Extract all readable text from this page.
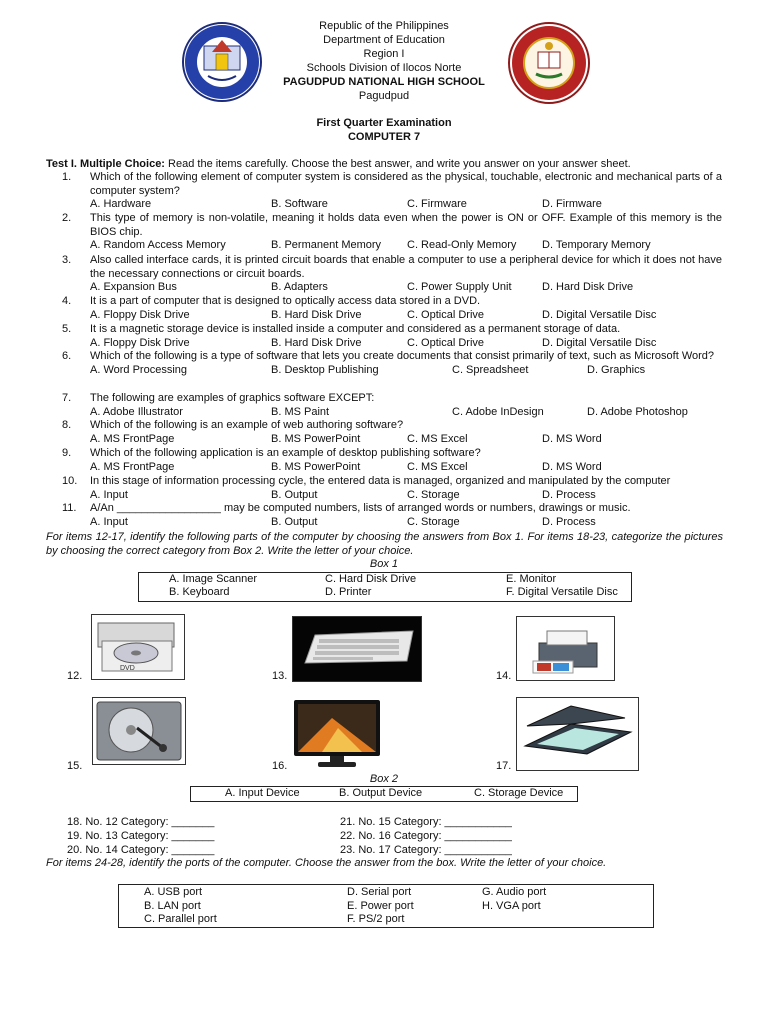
Republic of the Philippines
Department of Education
Region I
Schools Division of Ilocos Norte
PAGUDPUD NATIONAL HIGH SCHOOL
Pagudpud
First Quarter Examination
COMPUTER 7
Test I. Multiple Choice: Read the items carefully. Choose the best answer, and write you answer on your answer sheet.
1.	Which of the following element of computer system is considered as the physical, touchable, electronic and mechanical parts of a computer system?
A. Hardware	B. Software	C. Firmware	D. Firmware
2.	This type of memory is non-volatile, meaning it holds data even when the power is ON or OFF. Example of this memory is the BIOS chip.
A. Random Access Memory	B. Permanent Memory C. Read-Only Memory D. Temporary Memory
3.	Also called interface cards, it is printed circuit boards that enable a computer to use a peripheral device for which it does not have the necessary connections or circuit boards.
A. Expansion Bus	B. Adapters	C. Power Supply Unit	D. Hard Disk Drive
4.	It is a part of computer that is designed to optically access data stored in a DVD.
A. Floppy Disk Drive	B. Hard Disk Drive	C. Optical Drive	D. Digital Versatile Disc
5.	It is a magnetic storage device is installed inside a computer and considered as a permanent storage of data.
A. Floppy Disk Drive	B. Hard Disk Drive	C. Optical Drive	D. Digital Versatile Disc
6.	Which of the following is a type of software that lets you create documents that consist primarily of text, such as Microsoft Word?
A. Word Processing	B. Desktop Publishing	C. Spreadsheet	D. Graphics
7.	The following are examples of graphics software EXCEPT:
A. Adobe Illustrator	B. MS Paint	C. Adobe InDesign	D. Adobe Photoshop
8.	Which of the following is an example of web authoring software?
A. MS FrontPage	B. MS PowerPoint	C. MS Excel	D. MS Word
9.	Which of the following application is an example of desktop publishing software?
A. MS FrontPage	B. MS PowerPoint	C. MS Excel	D. MS Word
10.	In this stage of information processing cycle, the entered data is managed, organized and manipulated by the computer
A. Input	B. Output	C. Storage	D. Process
11.	A/An _________________ may be computed numbers, lists of arranged words or numbers, drawings or music.
A. Input	B. Output	C. Storage	D. Process
For items 12-17, identify the following parts of the computer by choosing the answers from Box 1. For items 18-23, categorize the pictures by choosing the correct category from Box 2. Write the letter of your choice.
Box 1
A. Image Scanner	C. Hard Disk Drive	E. Monitor
B. Keyboard	D. Printer	F. Digital Versatile Disc
12.
DVD
13.	14.
15.	16.	17.
Box 2
A. Input Device	B. Output Device	C. Storage Device
18. No. 12 Category: _______
19. No. 13 Category: _______
20. No. 14 Category: _______
21. No. 15 Category: ___________
22. No. 16 Category: ___________
23. No. 17 Category: ___________
For items 24-28, identify the ports of the computer. Choose the answer from the box. Write the letter of your choice.
A. USB port	D. Serial port	G. Audio port
B. LAN port	E. Power port	H. VGA port
C. Parallel port	F. PS/2 port
